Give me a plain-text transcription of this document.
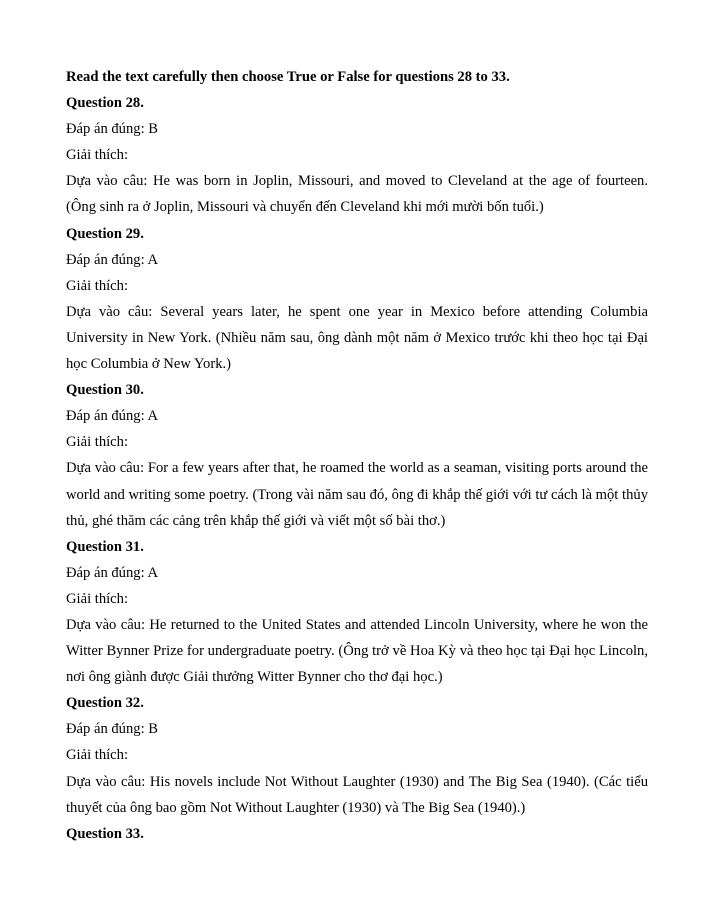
Read the text carefully then choose True or False for questions 28 to 33.
Question 28.
Đáp án đúng: B
Giải thích:
Dựa vào câu: He was born in Joplin, Missouri, and moved to Cleveland at the age of fourteen. (Ông sinh ra ở Joplin, Missouri và chuyển đến Cleveland khi mới mười bốn tuổi.)
Question 29.
Đáp án đúng: A
Giải thích:
Dựa vào câu: Several years later, he spent one year in Mexico before attending Columbia University in New York. (Nhiều năm sau, ông dành một năm ở Mexico trước khi theo học tại Đại học Columbia ở New York.)
Question 30.
Đáp án đúng: A
Giải thích:
Dựa vào câu: For a few years after that, he roamed the world as a seaman, visiting ports around the world and writing some poetry. (Trong vài năm sau đó, ông đi khắp thế giới với tư cách là một thủy thủ, ghé thăm các cảng trên khắp thế giới và viết một số bài thơ.)
Question 31.
Đáp án đúng: A
Giải thích:
Dựa vào câu: He returned to the United States and attended Lincoln University, where he won the Witter Bynner Prize for undergraduate poetry. (Ông trở về Hoa Kỳ và theo học tại Đại học Lincoln, nơi ông giành được Giải thưởng Witter Bynner cho thơ đại học.)
Question 32.
Đáp án đúng: B
Giải thích:
Dựa vào câu: His novels include Not Without Laughter (1930) and The Big Sea (1940). (Các tiểu thuyết của ông bao gồm Not Without Laughter (1930) và The Big Sea (1940).)
Question 33.
